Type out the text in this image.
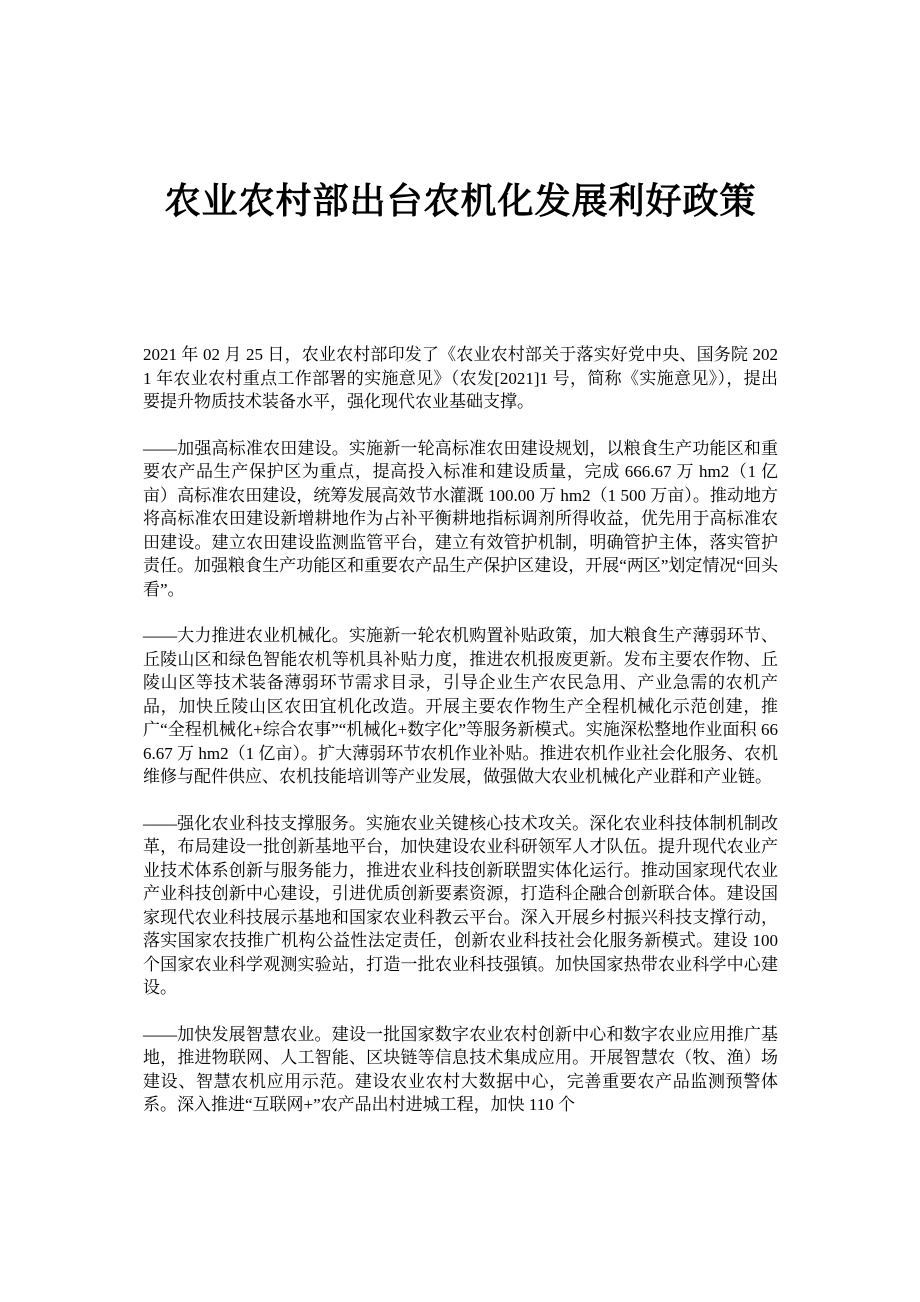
农业农村部出台农机化发展利好政策

2021 年 02 月 25 日，农业农村部印发了《农业农村部关于落实好党中央、国务院 2021 年农业农村重点工作部署的实施意见》（农发[2021]1 号，简称《实施意见》），提出要提升物质技术装备水平，强化现代农业基础支撑。

——加强高标准农田建设。实施新一轮高标准农田建设规划，以粮食生产功能区和重要农产品生产保护区为重点，提高投入标准和建设质量，完成 666.67 万 hm2（1 亿亩）高标准农田建设，统筹发展高效节水灌溉 100.00 万 hm2（1 500 万亩）。推动地方将高标准农田建设新增耕地作为占补平衡耕地指标调剂所得收益，优先用于高标准农田建设。建立农田建设监测监管平台，建立有效管护机制，明确管护主体，落实管护责任。加强粮食生产功能区和重要农产品生产保护区建设，开展“两区”划定情况“回头看”。

——大力推进农业机械化。实施新一轮农机购置补贴政策，加大粮食生产薄弱环节、丘陵山区和绿色智能农机等机具补贴力度，推进农机报废更新。发布主要农作物、丘陵山区等技术装备薄弱环节需求目录，引导企业生产农民急用、产业急需的农机产品，加快丘陵山区农田宜机化改造。开展主要农作物生产全程机械化示范创建，推广“全程机械化+综合农事”“机械化+数字化”等服务新模式。实施深松整地作业面积 666.67 万 hm2（1 亿亩）。扩大薄弱环节农机作业补贴。推进农机作业社会化服务、农机维修与配件供应、农机技能培训等产业发展，做强做大农业机械化产业群和产业链。

——强化农业科技支撑服务。实施农业关键核心技术攻关。深化农业科技体制机制改革，布局建设一批创新基地平台，加快建设农业科研领军人才队伍。提升现代农业产业技术体系创新与服务能力，推进农业科技创新联盟实体化运行。推动国家现代农业产业科技创新中心建设，引进优质创新要素资源，打造科企融合创新联合体。建设国家现代农业科技展示基地和国家农业科教云平台。深入开展乡村振兴科技支撑行动，落实国家农技推广机构公益性法定责任，创新农业科技社会化服务新模式。建设 100 个国家农业科学观测实验站，打造一批农业科技强镇。加快国家热带农业科学中心建设。

——加快发展智慧农业。建设一批国家数字农业农村创新中心和数字农业应用推广基地，推进物联网、人工智能、区块链等信息技术集成应用。开展智慧农（牧、渔）场建设、智慧农机应用示范。建设农业农村大数据中心，完善重要农产品监测预警体系。深入推进“互联网+”农产品出村进城工程，加快 110 个
